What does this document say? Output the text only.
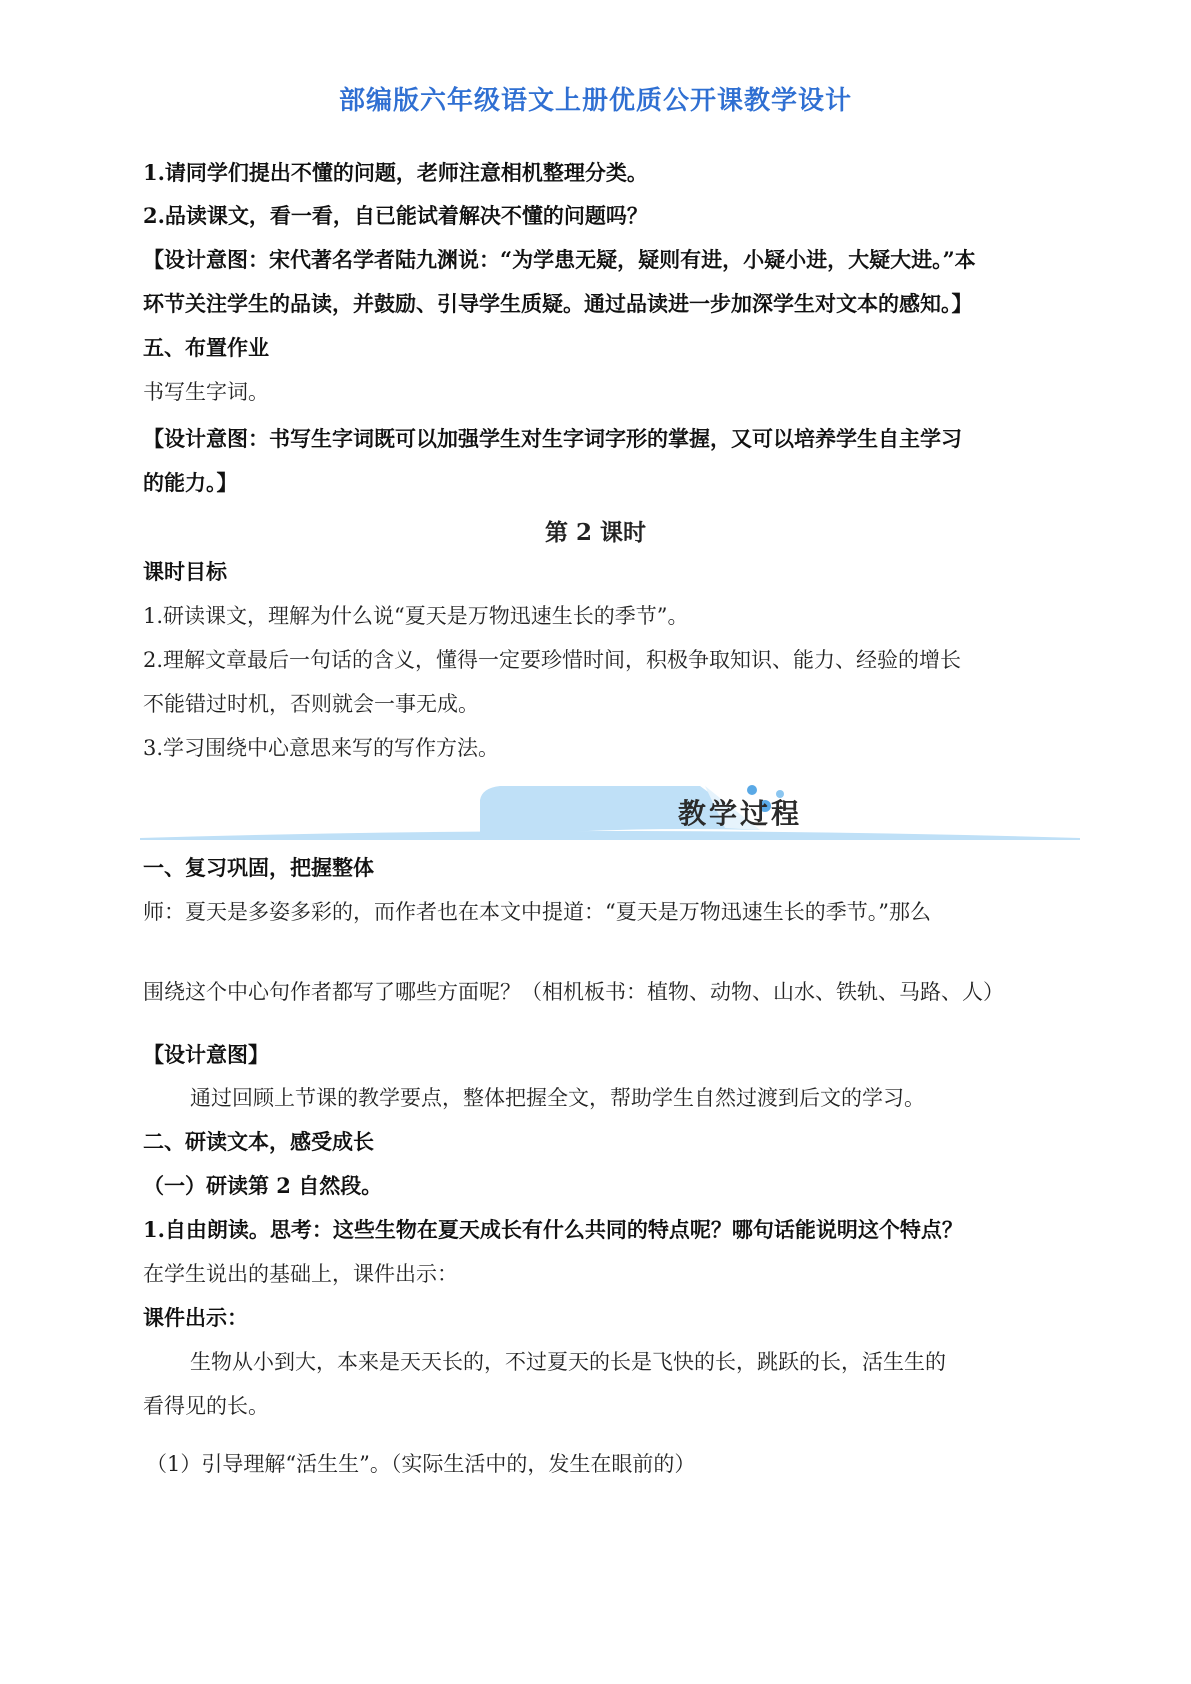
部编版六年级语文上册优质公开课教学设计
1.请同学们提出不懂的问题，老师注意相机整理分类。
2.品读课文，看一看，自已能试着解决不懂的问题吗？
【设计意图：宋代著名学者陆九渊说：“为学患无疑，疑则有进，小疑小进，大疑大进。”本
环节关注学生的品读，并鼓励、引导学生质疑。通过品读进一步加深学生对文本的感知。】
五、布置作业
书写生字词。
【设计意图：书写生字词既可以加强学生对生字词字形的掌握，又可以培养学生自主学习
的能力。】
第 2 课时
课时目标
1.研读课文，理解为什么说“夏天是万物迅速生长的季节”。
2.理解文章最后一句话的含义，懂得一定要珍惜时间，积极争取知识、能力、经验的增长
不能错过时机，否则就会一事无成。
3.学习围绕中心意思来写的写作方法。
教学过程
一、复习巩固，把握整体
师：夏天是多姿多彩的，而作者也在本文中提道：“夏天是万物迅速生长的季节。”那么
围绕这个中心句作者都写了哪些方面呢？（相机板书：植物、动物、山水、铁轨、马路、人）
【设计意图】
通过回顾上节课的教学要点，整体把握全文，帮助学生自然过渡到后文的学习。
二、研读文本，感受成长
（一）研读第 2 自然段。
1.自由朗读。思考：这些生物在夏天成长有什么共同的特点呢？哪句话能说明这个特点？
在学生说出的基础上，课件出示：
课件出示：
生物从小到大，本来是天天长的，不过夏天的长是飞快的长，跳跃的长，活生生的
看得见的长。
（1）引导理解“活生生”。（实际生活中的，发生在眼前的）
